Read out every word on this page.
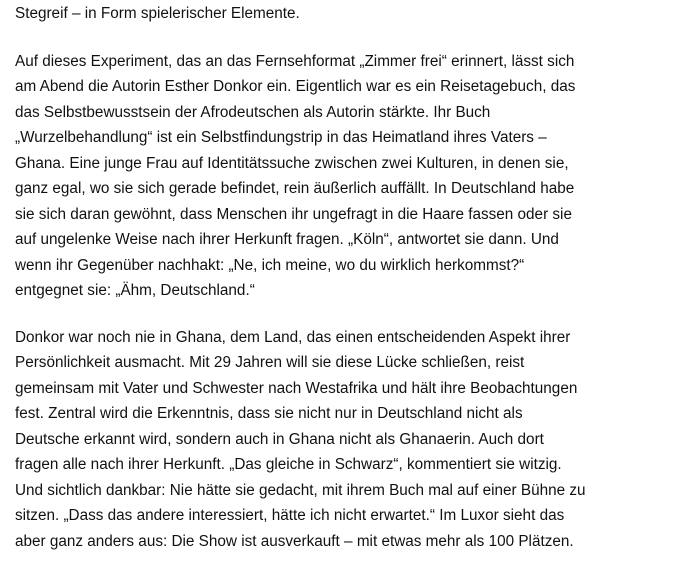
Stegreif – in Form spielerischer Elemente.

Auf dieses Experiment, das an das Fernsehformat „Zimmer frei“ erinnert, lässt sich
am Abend die Autorin Esther Donkor ein. Eigentlich war es ein Reisetagebuch, das
das Selbstbewusstsein der Afrodeutschen als Autorin stärkte. Ihr Buch
„Wurzelbehandlung“ ist ein Selbstfindungstrip in das Heimatland ihres Vaters –
Ghana. Eine junge Frau auf Identitätssuche zwischen zwei Kulturen, in denen sie,
ganz egal, wo sie sich gerade befindet, rein äußerlich auffällt. In Deutschland habe
sie sich daran gewöhnt, dass Menschen ihr ungefragt in die Haare fassen oder sie
auf ungelenke Weise nach ihrer Herkunft fragen. „Köln“, antwortet sie dann. Und
wenn ihr Gegenüber nachhakt: „Ne, ich meine, wo du wirklich herkommst?“
entgegnet sie: „Ähm, Deutschland.“

Donkor war noch nie in Ghana, dem Land, das einen entscheidenden Aspekt ihrer
Persönlichkeit ausmacht. Mit 29 Jahren will sie diese Lücke schließen, reist
gemeinsam mit Vater und Schwester nach Westafrika und hält ihre Beobachtungen
fest. Zentral wird die Erkenntnis, dass sie nicht nur in Deutschland nicht als
Deutsche erkannt wird, sondern auch in Ghana nicht als Ghanaerin. Auch dort
fragen alle nach ihrer Herkunft. „Das gleiche in Schwarz“, kommentiert sie witzig.
Und sichtlich dankbar: Nie hätte sie gedacht, mit ihrem Buch mal auf einer Bühne zu
sitzen. „Dass das andere interessiert, hätte ich nicht erwartet.“ Im Luxor sieht das
aber ganz anders aus: Die Show ist ausverkauft – mit etwas mehr als 100 Plätzen.
